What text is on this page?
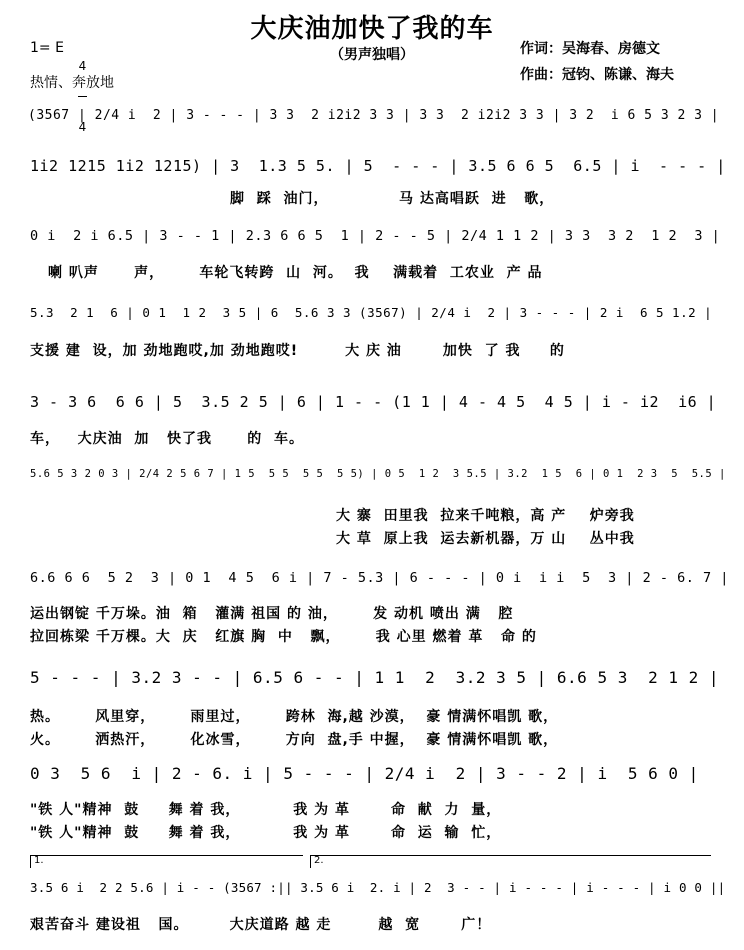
大庆油加快了我的车
（男声独唱）	作词：吴海春、房德文
作曲：冠钧、陈谦、海夫
1= E

4

4

热情、奔放地
(3567 | 2/4 i  2 | 3 - - - | 3 3  2 i2i2 3 3 | 3 3  2 i2i2 3 3 | 3 2  i 6 5 3 2 3 |
1i2 1215 1i2 1215) | 3  1.3 5 5. | 5  - - - | 3.5 6 6 5  6.5 | i  - - - |
脚  踩  油门，            马 达高唱跃  进   歌，
0 i  2 i 6.5 | 3 - - 1 | 2.3 6 6 5  1 | 2 - - 5 | 2/4 1 1 2 | 3 3  3 2  1 2  3 |
喇 叭声      声，      车轮飞转跨  山  河。  我    满载着  工农业  产 品
5.3  2 1  6 | 0 1  1 2  3 5 | 6  5.6 3 3 (3567) | 2/4 i  2 | 3 - - - | 2 i  6 5 1.2 |
支援 建  设，加 劲地跑哎,加 劲地跑哎!        大 庆 油       加快  了 我     的
3 - 3 6  6 6 | 5  3.5 2 5 | 6 | 1 - - (1 1 | 4 - 4 5  4 5 | i - i2  i6 |
车，   大庆油  加   快了我      的  车。
5.6 5 3 2 0 3 | 2/4 2 5 6 7 | 1 5  5 5  5 5  5 5) | 0 5  1 2  3 5.5 | 3.2  1 5  6 | 0 1  2 3  5  5.5 |
大 寨  田里我  拉来千吨粮，高 产    炉旁我
大 草  原上我  运去新机器，万 山    丛中我
6.6 6 6  5 2  3 | 0 1  4 5  6 i | 7 - 5.3 | 6 - - - | 0 i  i i  5  3 | 2 - 6. 7 |
运出钢锭 千万垛。油  箱   灌满 祖国 的 油，      发 动机 喷出 满   腔
拉回栋梁 千万棵。大  庆   红旗 胸  中   飘，      我 心里 燃着 革   命 的
5 - - - | 3.2 3 - - | 6.5 6 - - | 1 1  2  3.2 3 5 | 6.6 5 3  2 1 2 |
热。      风里穿，      雨里过，      跨林  海,越 沙漠，  豪 情满怀唱凯 歌，
火。      洒热汗，      化冰雪，      方向  盘,手 中握，  豪 情满怀唱凯 歌，
0 3  5 6  i | 2 - 6. i | 5 - - - | 2/4 i  2 | 3 - - 2 | i  5 6 0 |
"铁 人"精神  鼓     舞 着 我，         我 为 革       命  献  力  量，
"铁 人"精神  鼓     舞 着 我，         我 为 革       命  运  输  忙，
1.	2.
3.5 6 i  2 2 5.6 | i - - (3567 :|| 3.5 6 i  2. i | 2  3 - - | i - - - | i - - - | i 0 0 ||
艰苦奋斗 建设祖   国。       大庆道路 越 走        越  宽       广！
